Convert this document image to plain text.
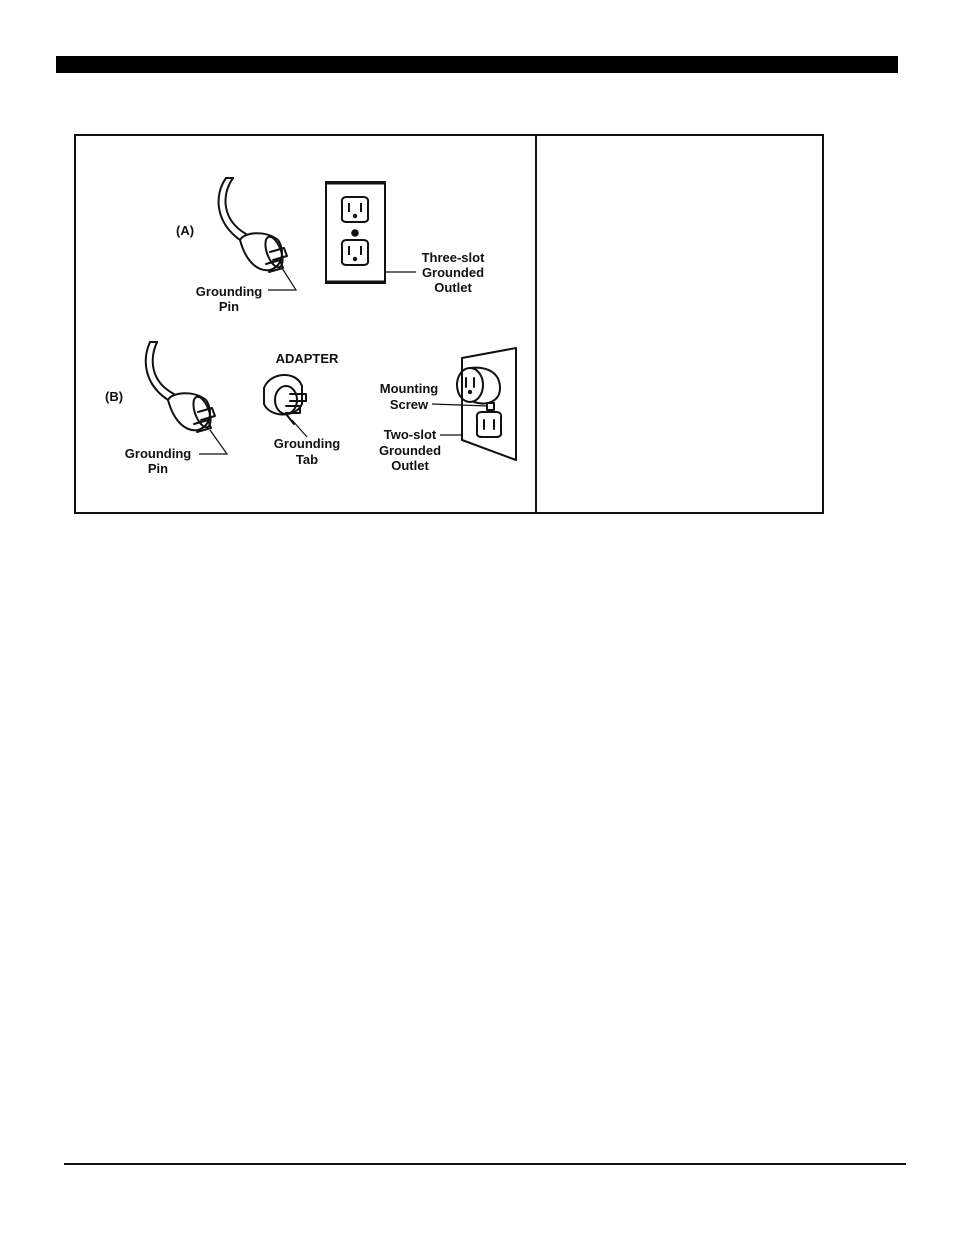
(A)
(B)
Grounding
Pin
Three-slot
Grounded
Outlet
ADAPTER
Grounding
Pin
Grounding
Tab
Mounting
Screw
Two-slot
Grounded
Outlet
